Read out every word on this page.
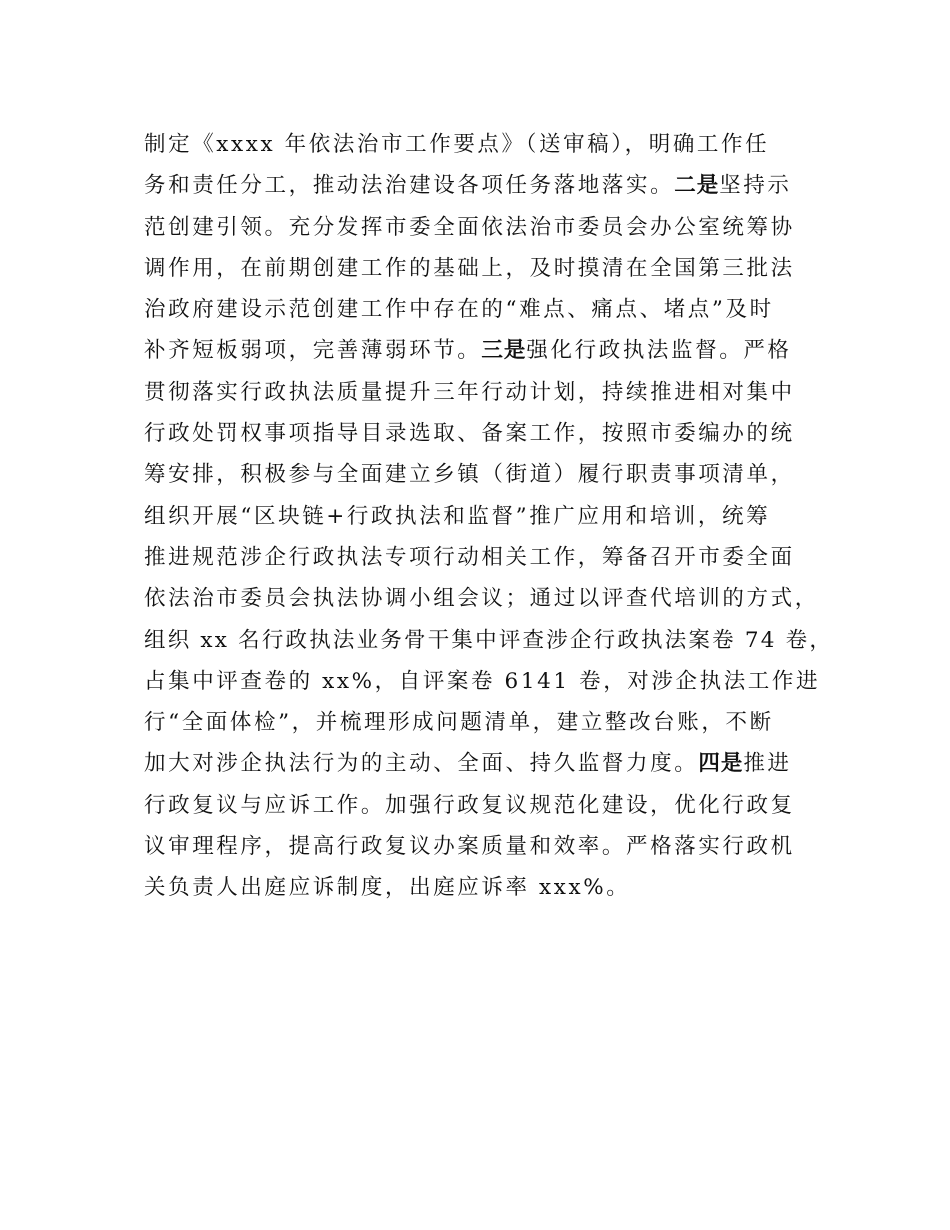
制定《xxxx 年依法治市工作要点》（送审稿），明确工作任
务和责任分工，推动法治建设各项任务落地落实。二是坚持示
范创建引领。充分发挥市委全面依法治市委员会办公室统筹协
调作用，在前期创建工作的基础上，及时摸清在全国第三批法
治政府建设示范创建工作中存在的“难点、痛点、堵点”及时
补齐短板弱项，完善薄弱环节。三是强化行政执法监督。严格
贯彻落实行政执法质量提升三年行动计划，持续推进相对集中
行政处罚权事项指导目录选取、备案工作，按照市委编办的统
筹安排，积极参与全面建立乡镇（街道）履行职责事项清单，
组织开展“区块链+行政执法和监督”推广应用和培训，统筹
推进规范涉企行政执法专项行动相关工作，筹备召开市委全面
依法治市委员会执法协调小组会议；通过以评查代培训的方式，
组织 xx 名行政执法业务骨干集中评查涉企行政执法案卷 74 卷，
占集中评查卷的 xx%，自评案卷 6141 卷，对涉企执法工作进
行“全面体检”，并梳理形成问题清单，建立整改台账，不断
加大对涉企执法行为的主动、全面、持久监督力度。四是推进
行政复议与应诉工作。加强行政复议规范化建设，优化行政复
议审理程序，提高行政复议办案质量和效率。严格落实行政机
关负责人出庭应诉制度，出庭应诉率 xxx%。
